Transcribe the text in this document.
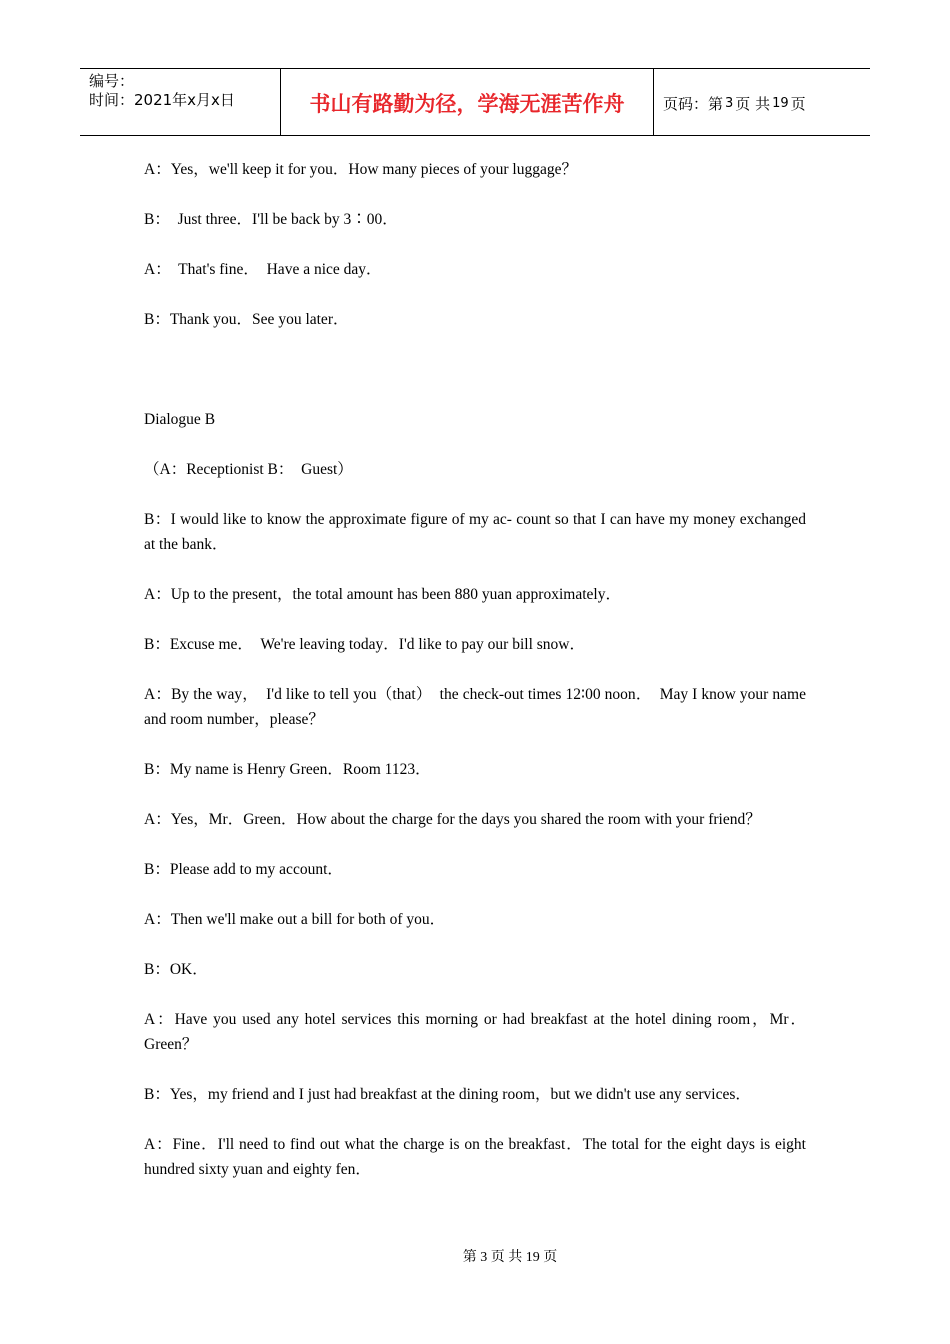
编号：
时间：2021年x月x日	书山有路勤为径，学海无涯苦作舟	页码：第 3 页 共 19 页

A：Yes，we'll keep it for you．How many pieces of your luggage？

B：  Just three．I'll be back by 3∶00．

A：  That's fine．  Have a nice day．

B：Thank you．See you later．

Dialogue B

（A：Receptionist B：  Guest）

B：I would like to know the approximate figure of my ac- count so that I can have my money exchanged at the bank．

A：Up to the present，the total amount has been 880 yuan approximately．

B：Excuse me．  We're leaving today．I'd like to pay our bill snow．

A：By the way，  I'd like to tell you（that）  the check-out times 12∶00 noon．  May I know your name and room number，please？

B：My name is Henry Green．Room 1123．

A：Yes，Mr．Green．How about the charge for the days you shared the room with your friend？

B：Please add to my account．

A：Then we'll make out a bill for both of you．

B：OK．

A：Have you used any hotel services this morning or had breakfast at the hotel dining room，Mr．Green？

B：Yes，my friend and I just had breakfast at the dining room，but we didn't use any services．

A：Fine．I'll need to find out what the charge is on the breakfast．The total for the eight days is eight hundred sixty yuan and eighty fen．

第 3 页 共 19 页
